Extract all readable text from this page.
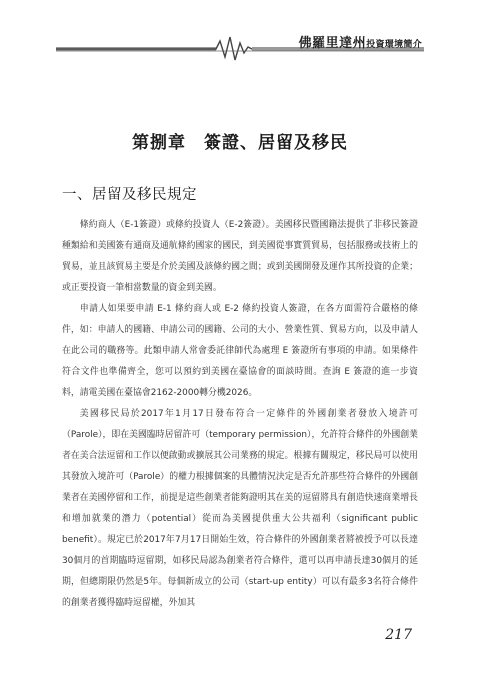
佛羅里達州投資環境簡介
第捌章　簽證、居留及移民
一、居留及移民規定

條約商人（E-1簽證）或條約投資人（E-2簽證）。美國移民暨國籍法提供了非移民簽證種類給和美國簽有通商及通航條約國家的國民，到美國從事實質貿易，包括服務或技術上的貿易，並且該貿易主要是介於美國及該條約國之間；或到美國開發及運作其所投資的企業；或正要投資一筆相當數量的資金到美國。

申請人如果要申請 E-1 條約商人或 E-2 條約投資人簽證，在各方面需符合嚴格的條件，如：申請人的國籍、申請公司的國籍、公司的大小、營業性質、貿易方向，以及申請人在此公司的職務等。此類申請人常會委託律師代為處理 E 簽證所有事項的申請。如果條件符合文件也準備齊全，您可以預約到美國在臺協會的面談時間。查詢 E 簽證的進一步資料，請電美國在臺協會2162-2000轉分機2026。

美國移民局於2017年1月17日發布符合一定條件的外國創業者發放入境許可（Parole），即在美國臨時居留許可（temporary permission），允許符合條件的外國創業者在美合法逗留和工作以便啟動或擴展其公司業務的規定。根據有關規定，移民局可以使用其發放入境許可（Parole）的權力根據個案的具體情況決定是否允許那些符合條件的外國創業者在美國停留和工作，前提是這些創業者能夠證明其在美的逗留將具有創造快速商業增長和增加就業的潛力（potential）從而為美國提供重大公共福利（significant public benefit）。規定已於2017年7月17日開始生效，符合條件的外國創業者將被授予可以長達30個月的首期臨時逗留期，如移民局認為創業者符合條件，還可以再申請長達30個月的延期，但總期限仍然是5年。每個新成立的公司（start-up entity）可以有最多3名符合條件的創業者獲得臨時逗留權，外加其

217
